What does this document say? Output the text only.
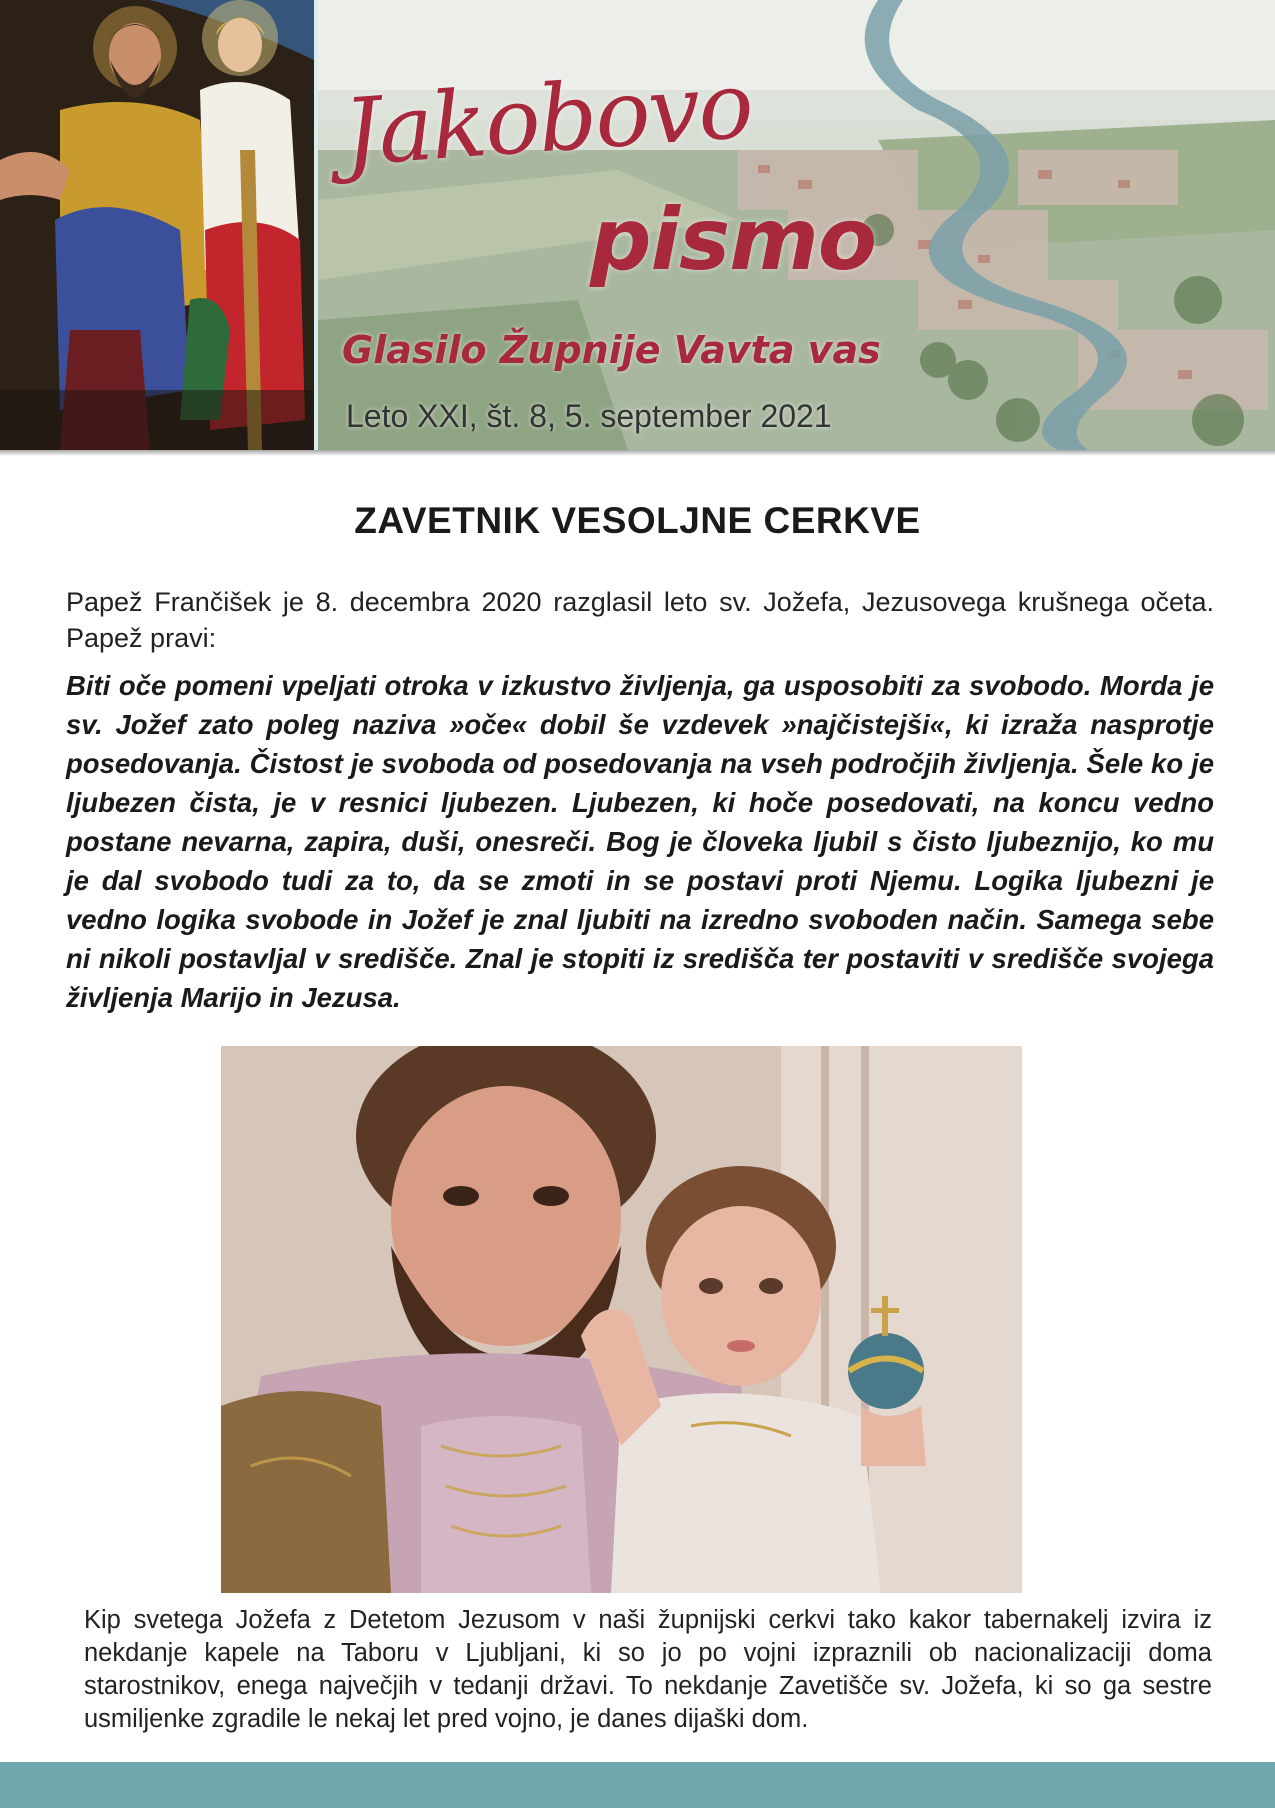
Jakobovo
pismo
Glasilo Župnije Vavta vas
Leto XXI, št. 8, 5. september 2021
ZAVETNIK VESOLJNE CERKVE

Papež Frančišek je 8. decembra 2020 razglasil leto sv. Jožefa, Jezusovega krušnega očeta. Papež pravi:

Biti oče pomeni vpeljati otroka v izkustvo življenja, ga usposobiti za svobodo. Morda je sv. Jožef zato poleg naziva »oče« dobil še vzdevek »najčistejši«, ki izraža nasprotje posedovanja. Čistost je svoboda od posedovanja na vseh področjih življenja. Šele ko je ljubezen čista, je v resnici ljubezen. Ljubezen, ki hoče posedovati, na koncu vedno postane nevarna, zapira, duši, onesreči. Bog je človeka ljubil s čisto ljubeznijo, ko mu je dal svobodo tudi za to, da se zmoti in se postavi proti Njemu. Logika ljubezni je vedno logika svobode in Jožef je znal ljubiti na izredno svoboden način. Samega sebe ni nikoli postavljal v središče. Znal je stopiti iz središča ter postaviti v središče svojega življenja Marijo in Jezusa.

Kip svetega Jožefa z Detetom Jezusom v naši župnijski cerkvi tako kakor tabernakelj izvira iz nekdanje kapele na Taboru v Ljubljani, ki so jo po vojni izpraznili ob nacionalizaciji doma starostnikov, enega največjih v tedanji državi. To nekdanje Zavetišče sv. Jožefa, ki so ga sestre usmiljenke zgradile le nekaj let pred vojno, je danes dijaški dom.
